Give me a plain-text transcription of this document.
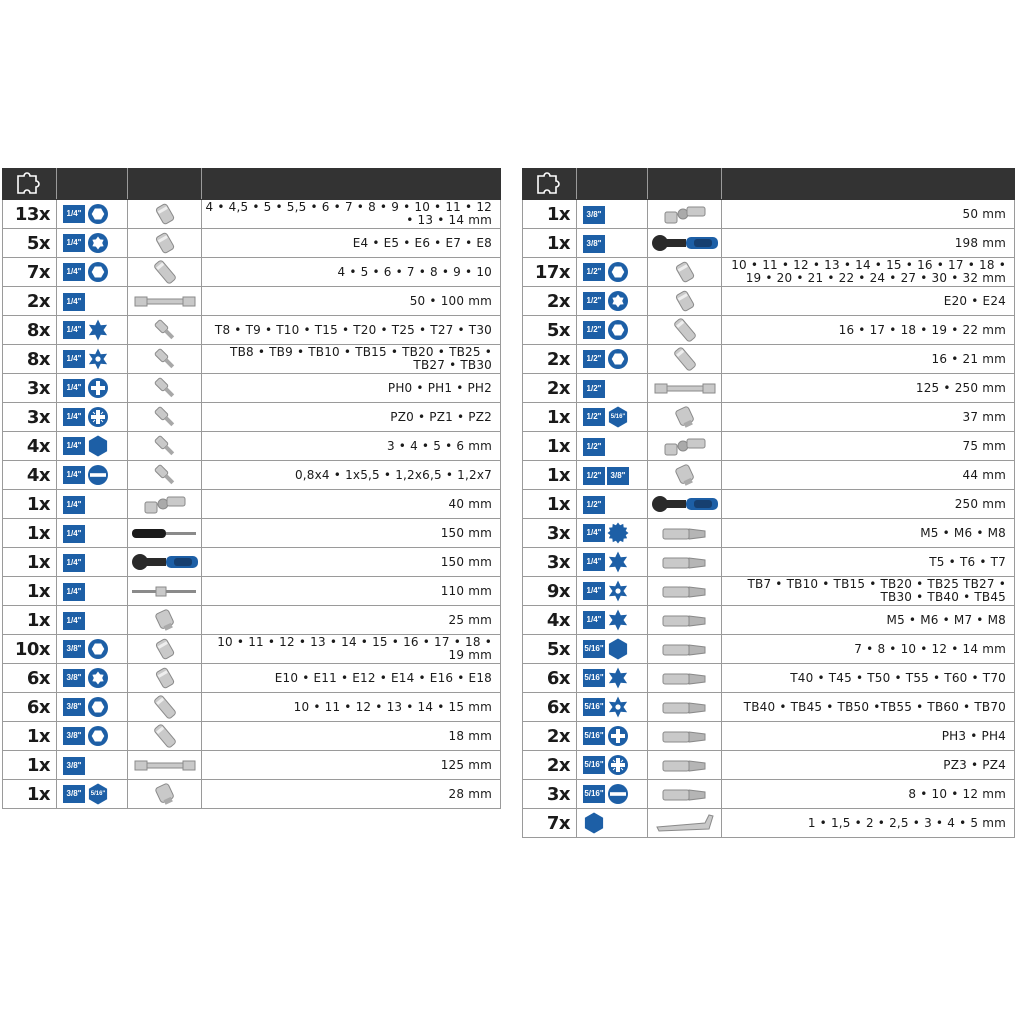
13x	1/4"		4 • 4,5 • 5 • 5,5 • 6 • 7 • 8 • 9 • 10 • 11 • 12 • 13 • 14 mm
5x	1/4"		E4 • E5 • E6 • E7 • E8
7x	1/4"		4 • 5 • 6 • 7 • 8 • 9 • 10
2x	1/4"		50 • 100 mm
8x	1/4"		T8 • T9 • T10 • T15 • T20 • T25 • T27 • T30
8x	1/4"		TB8 • TB9 • TB10 • TB15 • TB20 • TB25 • TB27 • TB30
3x	1/4"		PH0 • PH1 • PH2
3x	1/4"		PZ0 • PZ1 • PZ2
4x	1/4"		3 • 4 • 5 • 6 mm
4x	1/4"		0,8x4 • 1x5,5 • 1,2x6,5 • 1,2x7
1x	1/4"		40 mm
1x	1/4"		150 mm
1x	1/4"		150 mm
1x	1/4"		110 mm
1x	1/4"		25 mm
10x	3/8"		10 • 11 • 12 • 13 • 14 • 15 • 16 • 17 • 18 • 19 mm
6x	3/8"		E10 • E11 • E12 • E14 • E16 • E18
6x	3/8"		10 • 11 • 12 • 13 • 14 • 15 mm
1x	3/8"		18 mm
1x	3/8"		125 mm
1x	3/8" 5/16"		28 mm

1x	3/8"		50 mm
1x	3/8"		198 mm
17x	1/2"		10 • 11 • 12 • 13 • 14 • 15 • 16 • 17 • 18 • 19 • 20 • 21 • 22 • 24 • 27 • 30 • 32 mm
2x	1/2"		E20 • E24
5x	1/2"		16 • 17 • 18 • 19 • 22 mm
2x	1/2"		16 • 21 mm
2x	1/2"		125 • 250 mm
1x	1/2" 5/16"		37 mm
1x	1/2"		75 mm
1x	1/2" 3/8"		44 mm
1x	1/2"		250 mm
3x	1/4"		M5 • M6 • M8
3x	1/4"		T5 • T6 • T7
9x	1/4"		TB7 • TB10 • TB15 • TB20 • TB25 TB27 • TB30 • TB40 • TB45
4x	1/4"		M5 • M6 • M7 • M8
5x	5/16"		7 • 8 • 10 • 12 • 14 mm
6x	5/16"		T40 • T45 • T50 • T55 • T60 • T70
6x	5/16"		TB40 • TB45 • TB50 •TB55 • TB60 • TB70
2x	5/16"		PH3 • PH4
2x	5/16"		PZ3 • PZ4
3x	5/16"		8 • 10 • 12 mm
7x			1 • 1,5 • 2 • 2,5 • 3 • 4 • 5 mm
